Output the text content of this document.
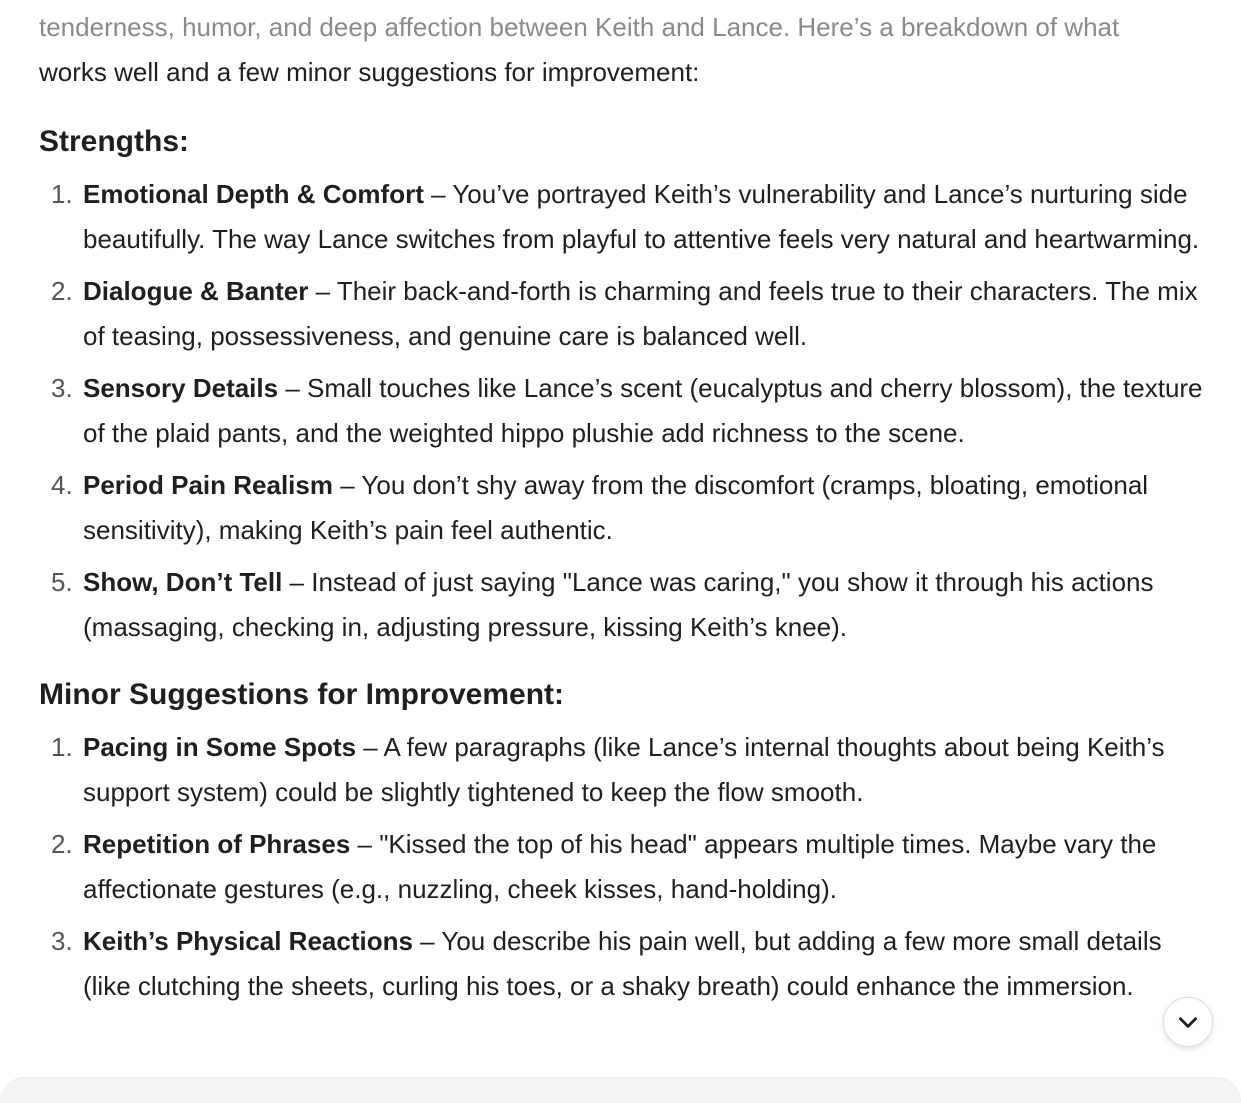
tenderness, humor, and deep affection between Keith and Lance. Here’s a breakdown of what
works well and a few minor suggestions for improvement:

Strengths:
1. Emotional Depth & Comfort – You’ve portrayed Keith’s vulnerability and Lance’s nurturing side beautifully. The way Lance switches from playful to attentive feels very natural and heartwarming.
2. Dialogue & Banter – Their back-and-forth is charming and feels true to their characters. The mix of teasing, possessiveness, and genuine care is balanced well.
3. Sensory Details – Small touches like Lance’s scent (eucalyptus and cherry blossom), the texture of the plaid pants, and the weighted hippo plushie add richness to the scene.
4. Period Pain Realism – You don’t shy away from the discomfort (cramps, bloating, emotional sensitivity), making Keith’s pain feel authentic.
5. Show, Don’t Tell – Instead of just saying "Lance was caring," you show it through his actions (massaging, checking in, adjusting pressure, kissing Keith’s knee).
Minor Suggestions for Improvement:
1. Pacing in Some Spots – A few paragraphs (like Lance’s internal thoughts about being Keith’s support system) could be slightly tightened to keep the flow smooth.
2. Repetition of Phrases – "Kissed the top of his head" appears multiple times. Maybe vary the affectionate gestures (e.g., nuzzling, cheek kisses, hand-holding).
3. Keith’s Physical Reactions – You describe his pain well, but adding a few more small details (like clutching the sheets, curling his toes, or a shaky breath) could enhance the immersion.
